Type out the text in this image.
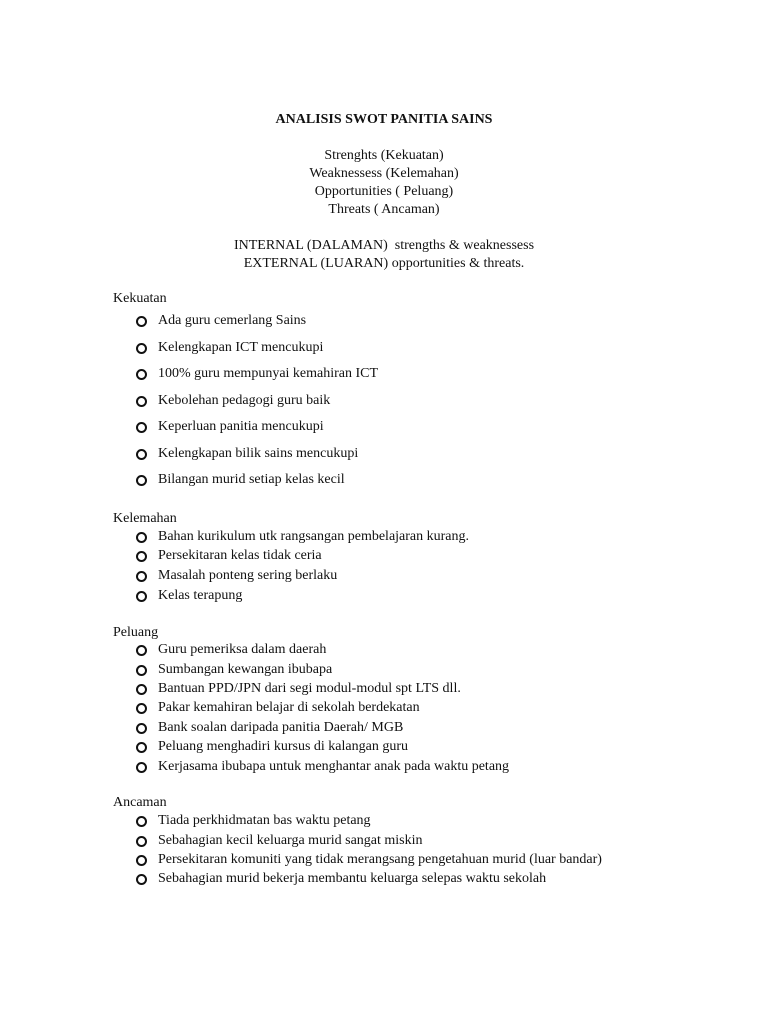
ANALISIS SWOT PANITIA SAINS
Strenghts (Kekuatan)
Weaknessess (Kelemahan)
Opportunities ( Peluang)
Threats ( Ancaman)
INTERNAL (DALAMAN)  strengths & weaknessess
EXTERNAL (LUARAN) opportunities & threats.
Kekuatan
Ada guru cemerlang Sains
Kelengkapan ICT mencukupi
100% guru mempunyai kemahiran ICT
Kebolehan pedagogi guru baik
Keperluan panitia mencukupi
Kelengkapan bilik sains mencukupi
Bilangan murid setiap kelas kecil
Kelemahan
Bahan kurikulum utk rangsangan pembelajaran kurang.
Persekitaran kelas tidak ceria
Masalah ponteng sering berlaku
Kelas terapung
Peluang
Guru pemeriksa dalam daerah
Sumbangan kewangan ibubapa
Bantuan PPD/JPN dari segi modul-modul spt LTS dll.
Pakar kemahiran belajar di sekolah berdekatan
Bank soalan daripada panitia Daerah/ MGB
Peluang menghadiri kursus di kalangan guru
Kerjasama ibubapa untuk menghantar anak pada waktu petang
Ancaman
Tiada perkhidmatan bas waktu petang
Sebahagian kecil keluarga murid sangat miskin
Persekitaran komuniti yang tidak merangsang pengetahuan murid (luar bandar)
Sebahagian murid bekerja membantu keluarga selepas waktu sekolah
